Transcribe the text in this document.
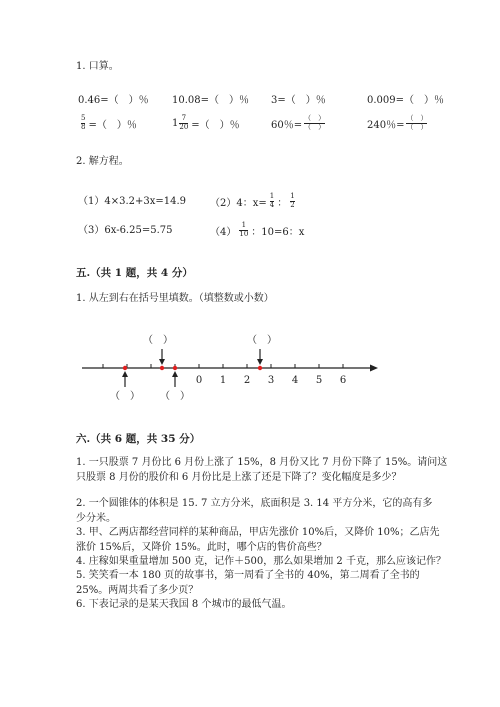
1. 口算。
0.46=（　）％ 10.08=（　）％ 3=（　）％	0.009=（　）％
$\frac{5}{8}$ =（　）％	$1 \frac{7}{20}$ =（　）％	60％= $\frac{( )}{( )}$	240％= $\frac{( )}{( )}$
2. 解方程。
（1）4×3.2+3x=14.9 （2）4：$x= \frac{1}{4}$ ： $\frac{1}{2}$
（3）6x-6.25=5.75	$(4) \frac{1}{10}$ ：10=6：x
五.（共 1 题，共 4 分）
1. 从左到右在括号里填数。（填整数或小数）
0 1 2 3 4 5 6
（　）	（　）
（　） （　）
六.（共 6 题，共 35 分）
1. 一只股票 7 月份比 6 月份上涨了 15%，8 月份又比 7 月份下降了 15%。请问这
只股票 8 月份的股价和 6 月份比是上涨了还是下降了？变化幅度是多少？
2. 一个圆锥体的体积是 15. 7 立方分米，底面积是 3. 14 平方分米，它的高有多
少分米。
3. 甲、乙两店都经营同样的某种商品，甲店先涨价 10%后，又降价 10%；乙店先
涨价 15%后，又降价 15%。此时，哪个店的售价高些？
4. 庄稼如果重量增加 500 克，记作＋500，那么如果增加 2 千克，那么应该记作？
5. 笑笑看一本 180 页的故事书，第一周看了全书的 40%，第二周看了全书的
25%。两周共看了多少页？
6. 下表记录的是某天我国 8 个城市的最低气温。
